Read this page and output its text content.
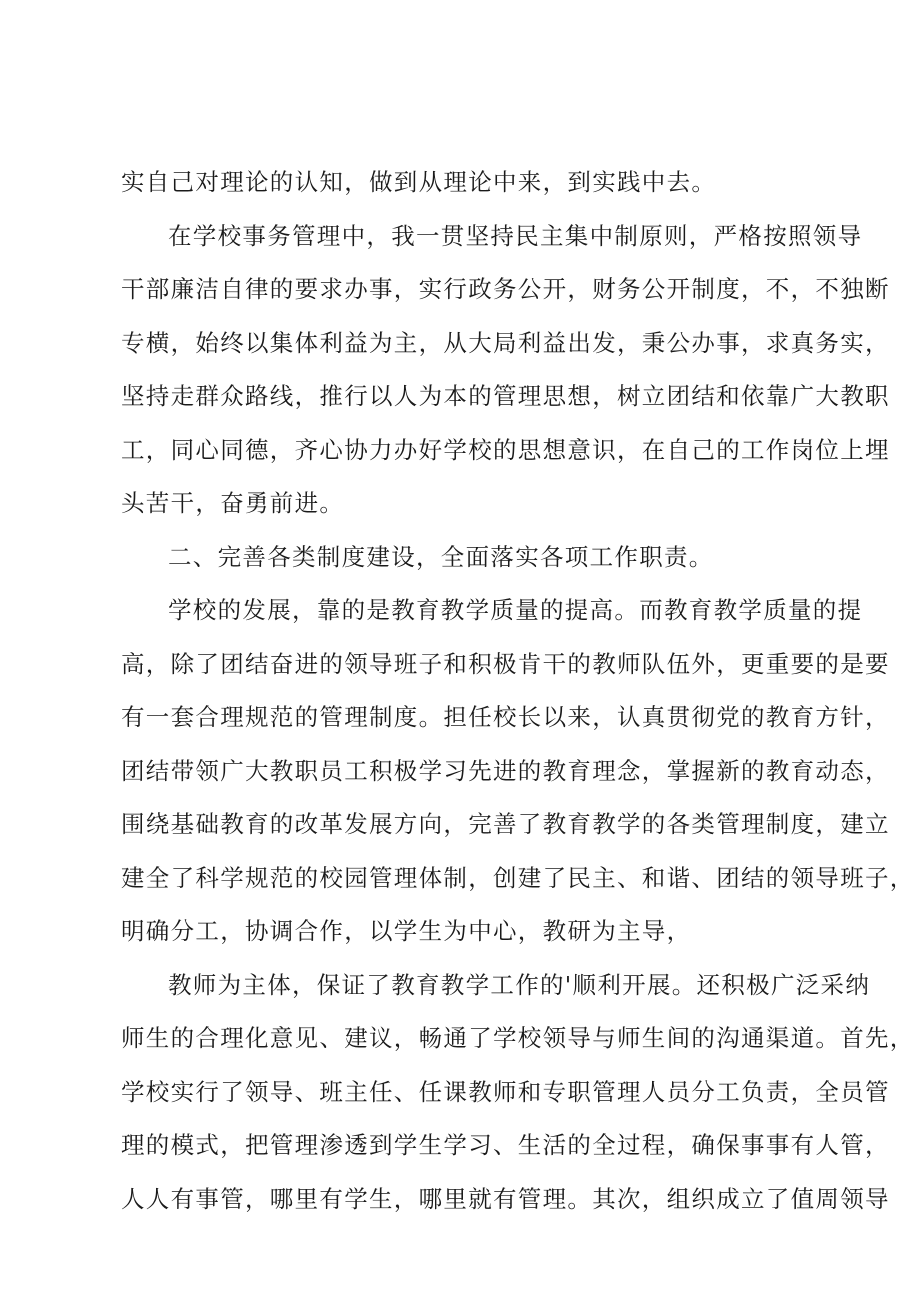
实自己对理论的认知，做到从理论中来，到实践中去。
在学校事务管理中，我一贯坚持民主集中制原则，严格按照领导
干部廉洁自律的要求办事，实行政务公开，财务公开制度，不，不独断
专横，始终以集体利益为主，从大局利益出发，秉公办事，求真务实，
坚持走群众路线，推行以人为本的管理思想，树立团结和依靠广大教职
工，同心同德，齐心协力办好学校的思想意识，在自己的工作岗位上埋
头苦干，奋勇前进。
二、完善各类制度建设，全面落实各项工作职责。
学校的发展，靠的是教育教学质量的提高。而教育教学质量的提
高，除了团结奋进的领导班子和积极肯干的教师队伍外，更重要的是要
有一套合理规范的管理制度。担任校长以来，认真贯彻党的教育方针，
团结带领广大教职员工积极学习先进的教育理念，掌握新的教育动态，
围绕基础教育的改革发展方向，完善了教育教学的各类管理制度，建立
建全了科学规范的校园管理体制，创建了民主、和谐、团结的领导班子，
明确分工，协调合作，以学生为中心，教研为主导，
教师为主体，保证了教育教学工作的'顺利开展。还积极广泛采纳
师生的合理化意见、建议，畅通了学校领导与师生间的沟通渠道。首先，
学校实行了领导、班主任、任课教师和专职管理人员分工负责，全员管
理的模式，把管理渗透到学生学习、生活的全过程，确保事事有人管，
人人有事管，哪里有学生，哪里就有管理。其次，组织成立了值周领导
